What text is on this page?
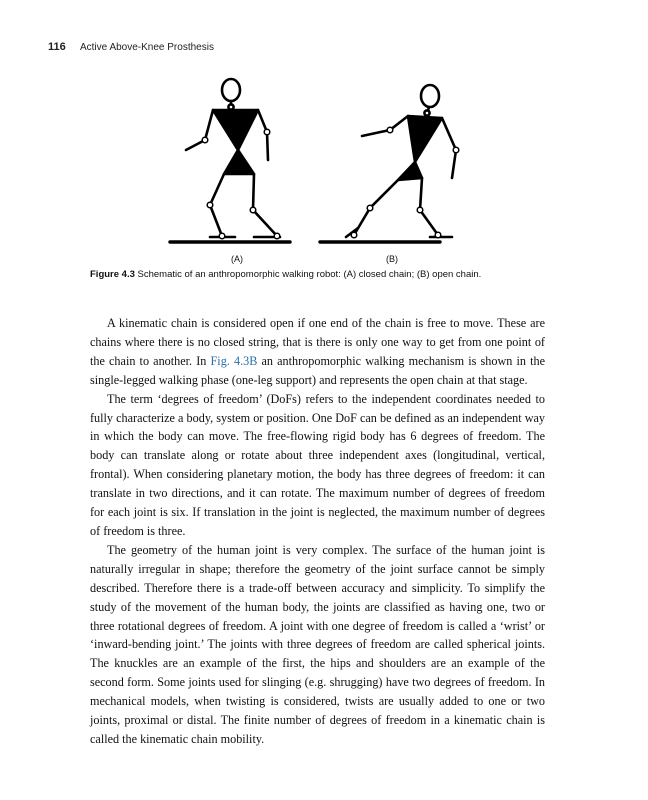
116 Active Above-Knee Prosthesis
(A)	(B)
Figure 4.3 Schematic of an anthropomorphic walking robot: (A) closed chain; (B) open chain.

A kinematic chain is considered open if one end of the chain is free to move. These are chains where there is no closed string, that is there is only one way to get from one point of the chain to another. In Fig. 4.3B an anthropomorphic walking mechanism is shown in the single-legged walking phase (one-leg support) and represents the open chain at that stage.

The term ‘degrees of freedom’ (DoFs) refers to the independent coordinates needed to fully characterize a body, system or position. One DoF can be defined as an independent way in which the body can move. The free-flowing rigid body has 6 degrees of freedom. The body can translate along or rotate about three independent axes (longitudinal, vertical, frontal). When considering planetary motion, the body has three degrees of freedom: it can translate in two directions, and it can rotate. The maximum number of degrees of freedom for each joint is six. If translation in the joint is neglected, the maximum number of degrees of freedom is three.

The geometry of the human joint is very complex. The surface of the human joint is naturally irregular in shape; therefore the geometry of the joint surface cannot be simply described. Therefore there is a trade-off between accuracy and simplicity. To simplify the study of the movement of the human body, the joints are classified as having one, two or three rotational degrees of freedom. A joint with one degree of freedom is called a ‘wrist’ or ‘inward-bending joint.’ The joints with three degrees of freedom are called spherical joints. The knuckles are an example of the first, the hips and shoulders are an example of the second form. Some joints used for slinging (e.g. shrugging) have two degrees of freedom. In mechanical models, when twisting is considered, twists are usually added to one or two joints, proximal or distal. The finite number of degrees of freedom in a kinematic chain is called the kinematic chain mobility.
